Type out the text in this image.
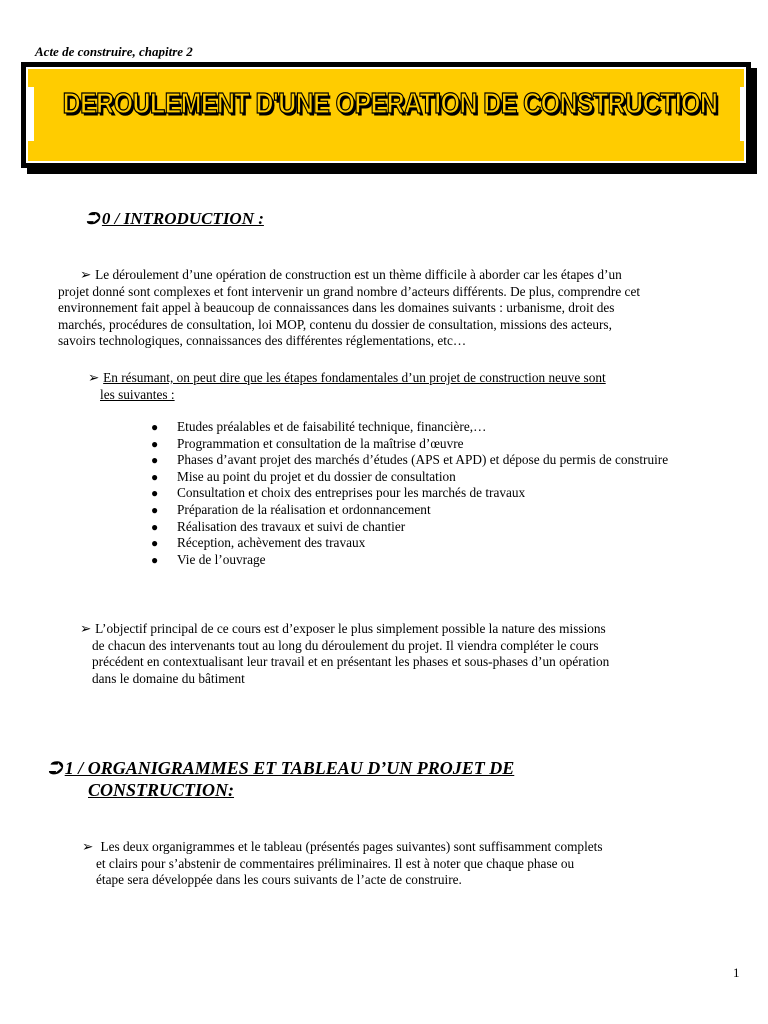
Acte de construire, chapitre 2
DEROULEMENT D'UNE OPERATION DE CONSTRUCTION
⮊ 0 / INTRODUCTION :
➢ Le déroulement d’une opération de construction est un thème difficile à aborder car les étapes d’un
projet donné sont complexes et font intervenir un grand nombre d’acteurs différents. De plus, comprendre cet
environnement fait appel à beaucoup de connaissances dans les domaines suivants : urbanisme, droit des
marchés, procédures de consultation, loi MOP, contenu du dossier de consultation, missions des acteurs,
savoirs technologiques, connaissances des différentes réglementations, etc…
➢ En résumant, on peut dire que les étapes fondamentales d’un projet de construction neuve sont
les suivantes :
● Etudes préalables et de faisabilité technique, financière,…
● Programmation et consultation de la maîtrise d’œuvre
● Phases d’avant projet des marchés d’études (APS et APD) et dépose du permis de construire
● Mise au point du projet et du dossier de consultation
● Consultation et choix des entreprises pour les marchés de travaux
● Préparation de la réalisation et ordonnancement
● Réalisation des travaux et suivi de chantier
● Réception, achèvement des travaux
● Vie de l’ouvrage
➢ L’objectif principal de ce cours est d’exposer le plus simplement possible la nature des missions
de chacun des intervenants tout au long du déroulement du projet. Il viendra compléter le cours
précédent en contextualisant leur travail et en présentant les phases et sous-phases d’un opération
dans le domaine du bâtiment
⮊ 1 / ORGANIGRAMMES ET TABLEAU D’UN PROJET DE
CONSTRUCTION:
➢ Les deux organigrammes et le tableau (présentés pages suivantes) sont suffisamment complets
et clairs pour s’abstenir de commentaires préliminaires. Il est à noter que chaque phase ou
étape sera développée dans les cours suivants de l’acte de construire.
1
